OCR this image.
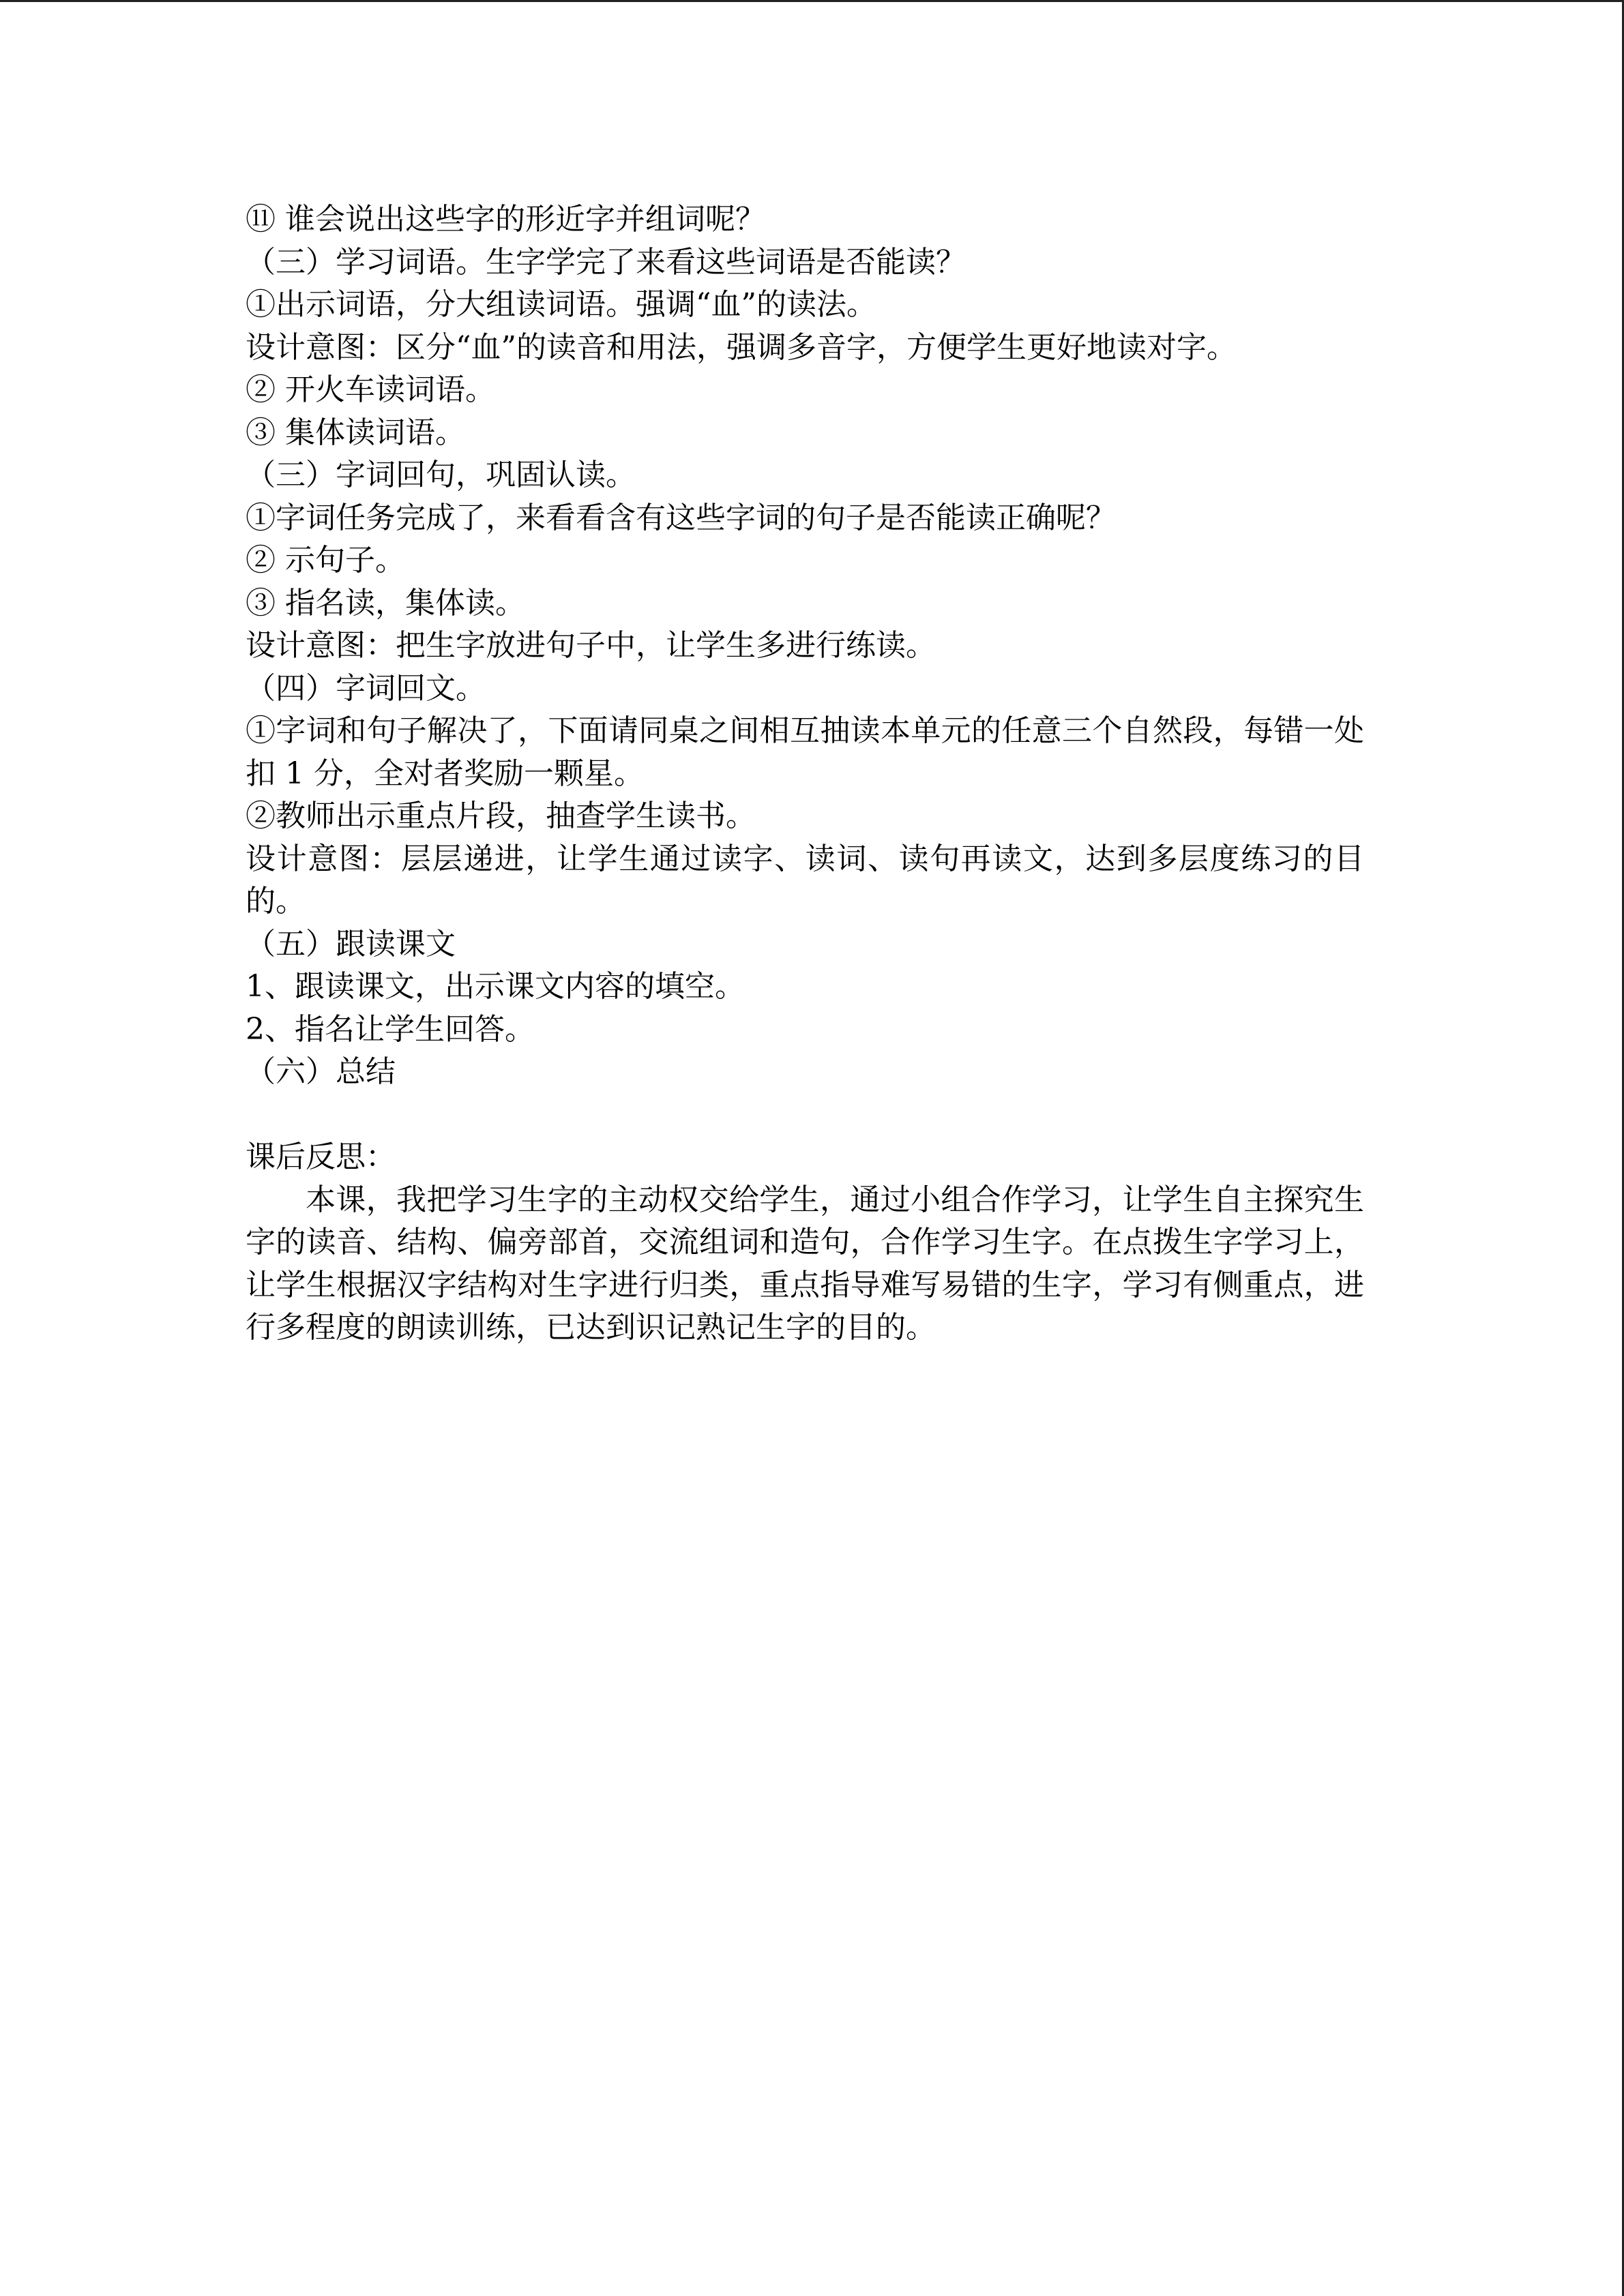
⑪ 谁会说出这些字的形近字并组词呢？

（三）学习词语。生字学完了来看这些词语是否能读？

①出示词语，分大组读词语。强调“血”的读法。

设计意图：区分“血”的读音和用法，强调多音字，方便学生更好地读对字。

② 开火车读词语。

③ 集体读词语。

（三）字词回句，巩固认读。

①字词任务完成了，来看看含有这些字词的句子是否能读正确呢？

② 示句子。

③ 指名读，集体读。

设计意图：把生字放进句子中，让学生多进行练读。

（四）字词回文。

①字词和句子解决了，下面请同桌之间相互抽读本单元的任意三个自然段，每错一处扣 1 分，全对者奖励一颗星。

②教师出示重点片段，抽查学生读书。

设计意图：层层递进，让学生通过读字、读词、读句再读文，达到多层度练习的目的。

（五）跟读课文

1、跟读课文，出示课文内容的填空。

2、指名让学生回答。

（六）总结

课后反思：

本课，我把学习生字的主动权交给学生，通过小组合作学习，让学生自主探究生字的读音、结构、偏旁部首，交流组词和造句，合作学习生字。在点拨生字学习上，让学生根据汉字结构对生字进行归类，重点指导难写易错的生字，学习有侧重点，进行多程度的朗读训练，已达到识记熟记生字的目的。
